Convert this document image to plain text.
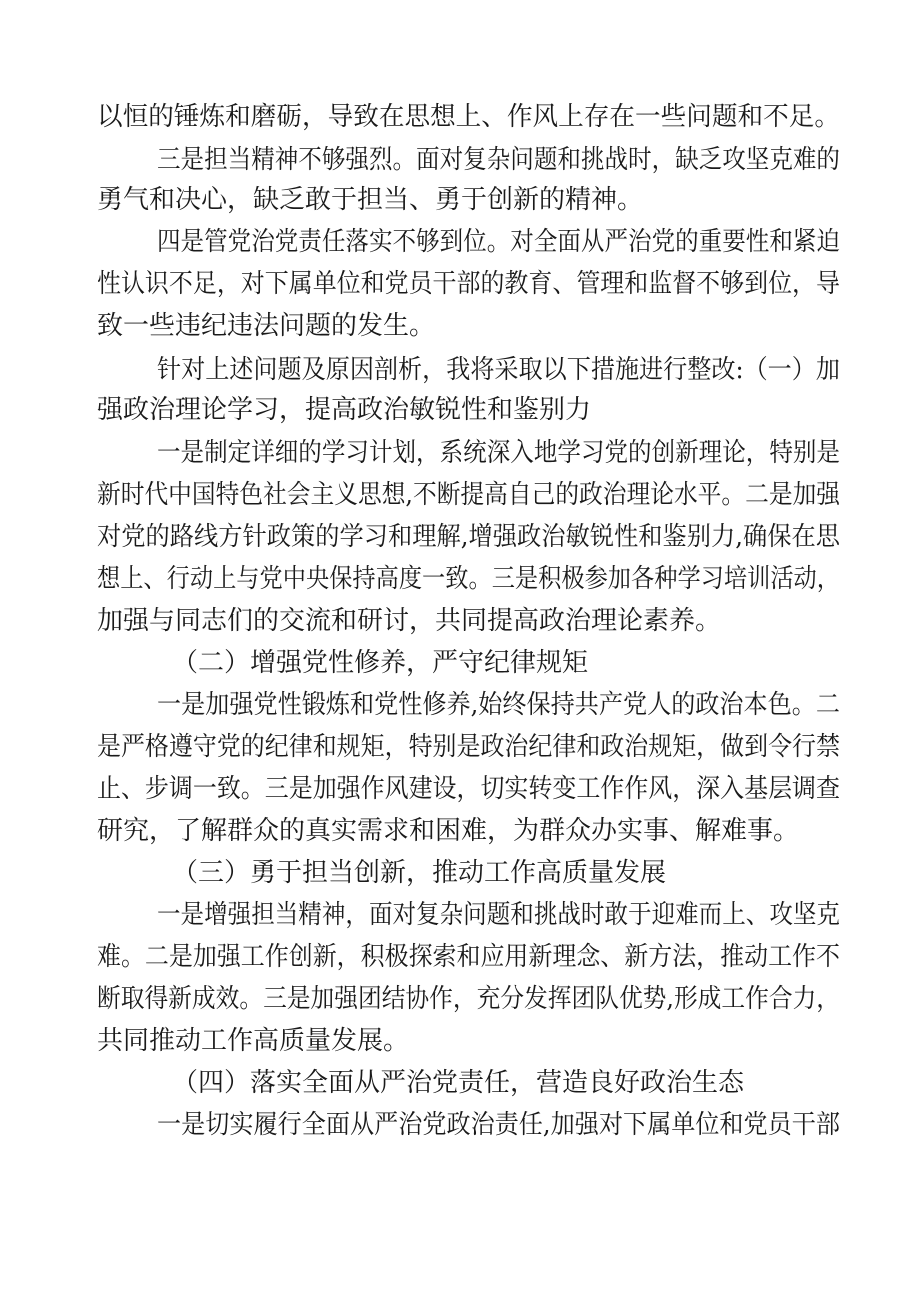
以恒的锤炼和磨砺，导致在思想上、作风上存在一些问题和不足。
三是担当精神不够强烈。面对复杂问题和挑战时，缺乏攻坚克难的
勇气和决心，缺乏敢于担当、勇于创新的精神。
四是管党治党责任落实不够到位。对全面从严治党的重要性和紧迫
性认识不足，对下属单位和党员干部的教育、管理和监督不够到位，导
致一些违纪违法问题的发生。
针对上述问题及原因剖析，我将采取以下措施进行整改:（一）加
强政治理论学习，提高政治敏锐性和鉴别力
一是制定详细的学习计划，系统深入地学习党的创新理论，特别是
新时代中国特色社会主义思想,不断提高自己的政治理论水平。二是加强
对党的路线方针政策的学习和理解,增强政治敏锐性和鉴别力,确保在思
想上、行动上与党中央保持高度一致。三是积极参加各种学习培训活动，
加强与同志们的交流和研讨，共同提高政治理论素养。
（二）增强党性修养，严守纪律规矩
一是加强党性锻炼和党性修养,始终保持共产党人的政治本色。二
是严格遵守党的纪律和规矩，特别是政治纪律和政治规矩，做到令行禁
止、步调一致。三是加强作风建设，切实转变工作作风，深入基层调查
研究，了解群众的真实需求和困难，为群众办实事、解难事。
（三）勇于担当创新，推动工作高质量发展
一是增强担当精神，面对复杂问题和挑战时敢于迎难而上、攻坚克
难。二是加强工作创新，积极探索和应用新理念、新方法，推动工作不
断取得新成效。三是加强团结协作，充分发挥团队优势,形成工作合力，
共同推动工作高质量发展。
（四）落实全面从严治党责任，营造良好政治生态
一是切实履行全面从严治党政治责任,加强对下属单位和党员干部
